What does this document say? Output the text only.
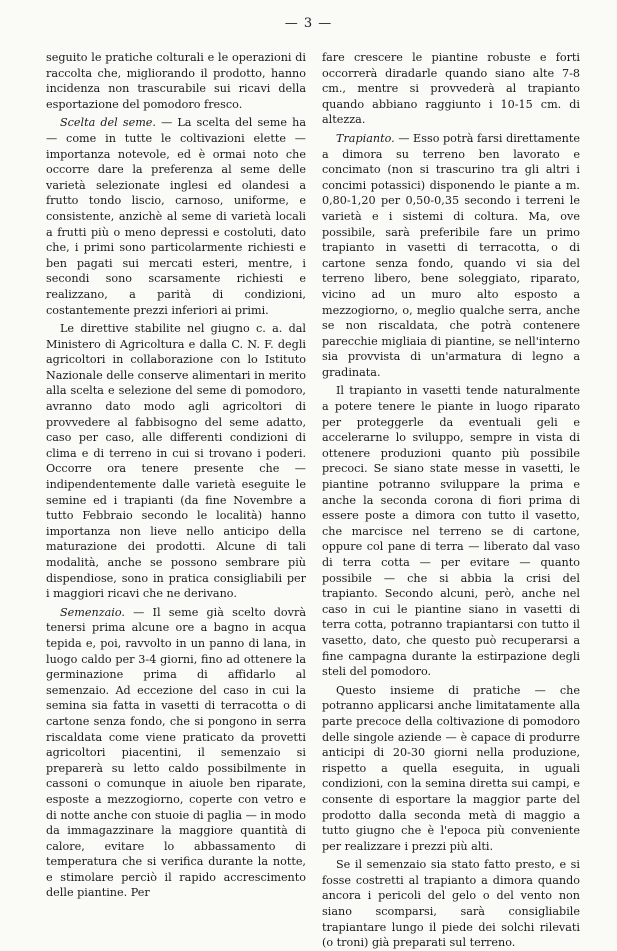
— 3 —

seguito le pratiche colturali e le operazioni di raccolta che, migliorando il prodotto, hanno incidenza non trascurabile sui ricavi della esportazione del pomodoro fresco.

Scelta del seme. — La scelta del seme ha — come in tutte le coltivazioni elette — importanza notevole, ed è ormai noto che occorre dare la preferenza al seme delle varietà selezionate inglesi ed olandesi a frutto tondo liscio, carnoso, uniforme, e consistente, anzichè al seme di varietà locali a frutti più o meno depressi e costoluti, dato che, i primi sono particolarmente richiesti e ben pagati sui mercati esteri, mentre, i secondi sono scarsamente richiesti e realizzano, a parità di condizioni, costantemente prezzi inferiori ai primi.

Le direttive stabilite nel giugno c. a. dal Ministero di Agricoltura e dalla C. N. F. degli agricoltori in collaborazione con lo Istituto Nazionale delle conserve alimentari in merito alla scelta e selezione del seme di pomodoro, avranno dato modo agli agricoltori di provvedere al fabbisogno del seme adatto, caso per caso, alle differenti condizioni di clima e di terreno in cui si trovano i poderi. Occorre ora tenere presente che — indipendentemente dalle varietà eseguite le semine ed i trapianti (da fine Novembre a tutto Febbraio secondo le località) hanno importanza non lieve nello anticipo della maturazione dei prodotti. Alcune di tali modalità, anche se possono sembrare più dispendiose, sono in pratica consigliabili per i maggiori ricavi che ne derivano.

Semenzaio. — Il seme già scelto dovrà tenersi prima alcune ore a bagno in acqua tepida e, poi, ravvolto in un panno di lana, in luogo caldo per 3-4 giorni, fino ad ottenere la germinazione prima di affidarlo al semenzaio. Ad eccezione del caso in cui la semina sia fatta in vasetti di terracotta o di cartone senza fondo, che si pongono in serra riscaldata come viene praticato da provetti agricoltori piacentini, il semenzaio si preparerà su letto caldo possibilmente in cassoni o comunque in aiuole ben riparate, esposte a mezzogiorno, coperte con vetro e di notte anche con stuoie di paglia — in modo da immagazzinare la maggiore quantità di calore, evitare lo abbassamento di temperatura che si verifica durante la notte, e stimolare perciò il rapido accrescimento delle piantine. Per

fare crescere le piantine robuste e forti occorrerà diradarle quando siano alte 7-8 cm., mentre si provvederà al trapianto quando abbiano raggiunto i 10-15 cm. di altezza.

Trapianto. — Esso potrà farsi direttamente a dimora su terreno ben lavorato e concimato (non si trascurino tra gli altri i concimi potassici) disponendo le piante a m. 0,80-1,20 per 0,50-0,35 secondo i terreni le varietà e i sistemi di coltura. Ma, ove possibile, sarà preferibile fare un primo trapianto in vasetti di terracotta, o di cartone senza fondo, quando vi sia del terreno libero, bene soleggiato, riparato, vicino ad un muro alto esposto a mezzogiorno, o, meglio qualche serra, anche se non riscaldata, che potrà contenere parecchie migliaia di piantine, se nell'interno sia provvista di un'armatura di legno a gradinata.

Il trapianto in vasetti tende naturalmente a potere tenere le piante in luogo riparato per proteggerle da eventuali geli e accelerarne lo sviluppo, sempre in vista di ottenere produzioni quanto più possibile precoci. Se siano state messe in vasetti, le piantine potranno sviluppare la prima e anche la seconda corona di fiori prima di essere poste a dimora con tutto il vasetto, che marcisce nel terreno se di cartone, oppure col pane di terra — liberato dal vaso di terra cotta — per evitare — quanto possibile — che si abbia la crisi del trapianto. Secondo alcuni, però, anche nel caso in cui le piantine siano in vasetti di terra cotta, potranno trapiantarsi con tutto il vasetto, dato, che questo può recuperarsi a fine campagna durante la estirpazione degli steli del pomodoro.

Questo insieme di pratiche — che potranno applicarsi anche limitatamente alla parte precoce della coltivazione di pomodoro delle singole aziende — è capace di produrre anticipi di 20-30 giorni nella produzione, rispetto a quella eseguita, in uguali condizioni, con la semina diretta sui campi, e consente di esportare la maggior parte del prodotto dalla seconda metà di maggio a tutto giugno che è l'epoca più conveniente per realizzare i prezzi più alti.

Se il semenzaio sia stato fatto presto, e si fosse costretti al trapianto a dimora quando ancora i pericoli del gelo o del vento non siano scomparsi, sarà consigliabile trapiantare lungo il piede dei solchi rilevati (o troni) già preparati sul terreno.
